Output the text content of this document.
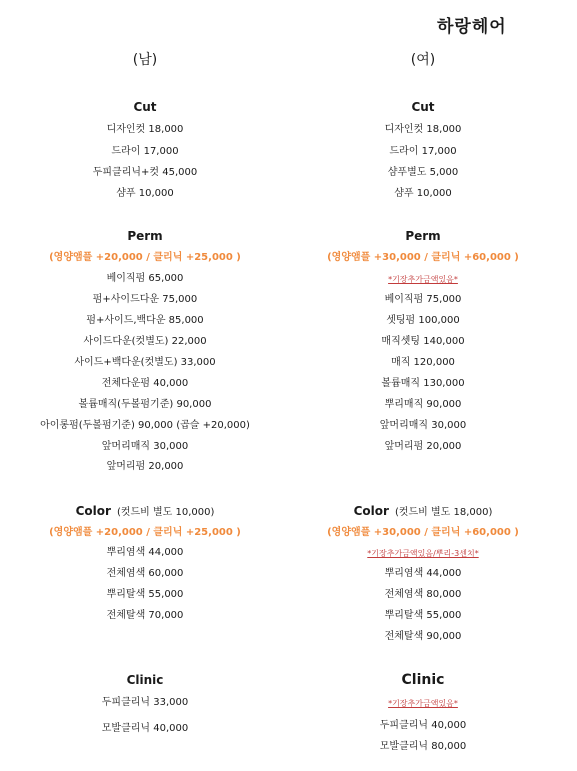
하랑헤어
(남)
Cut
디자인컷 18,000
드라이 17,000
두피클리닉+컷 45,000
샴푸 10,000
Perm
(영양앰플 +20,000 / 클리닉 +25,000 )
베이직펌 65,000
펌+사이드다운 75,000
펌+사이드,백다운 85,000
사이드다운(컷별도) 22,000
사이드+백다운(컷별도) 33,000
전체다운펌 40,000
볼륨매직(두볼펌기준) 90,000
아이롱펌(두볼펌기준) 90,000 (곱슬 +20,000)
앞머리매직 30,000
앞머리펌 20,000
Color (컷드비 별도 10,000)
(영양앰플 +20,000 / 클리닉 +25,000 )
뿌리염색 44,000
전체염색 60,000
뿌리탈색 55,000
전체탈색 70,000
Clinic
두피클리닉 33,000
모발클리닉 40,000
(여)
Cut
디자인컷 18,000
드라이 17,000
샴푸별도 5,000
샴푸 10,000
Perm
(영양앰플 +30,000 / 클리닉 +60,000 )
*기장추가금액있음*
베이직펌 75,000
셋팅펌 100,000
매직셋팅 140,000
매직 120,000
볼륨매직 130,000
뿌리매직 90,000
앞머리매직 30,000
앞머리펌 20,000
Color (컷드비 별도 18,000)
(영양앰플 +30,000 / 클리닉 +60,000 )
*기장추가금액있음/뿌리-3센치*
뿌리염색 44,000
전체염색 80,000
뿌리탈색 55,000
전체탈색 90,000
Clinic
*기장추가금액있음*
두피클리닉 40,000
모발클리닉 80,000
